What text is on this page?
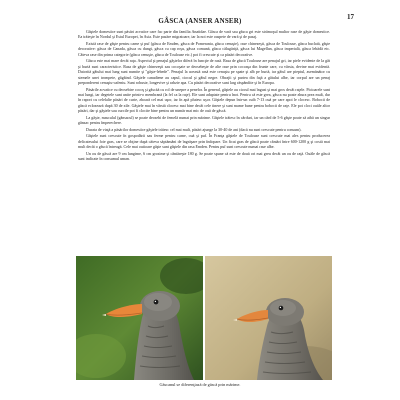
17
GÂSCA (ANSER ANSER)

Gâştele domestice sunt păsări acvatice care fac parte din familia Anatidae. Gâsca de vară sau gâsca gri este strămoşul multor rase de gâşte domestice. Ea trăieşte în Nordul şi Estul Europei, în Asia. Este pasăre migratoare, iar la noi este oaspete de vară şi de pasaj.

Există rase de gâşte pentru carne şi puf (gâsca de Emden, gâsca de Pomerania, gâsca cenuşie), rase chinezeşti, gâsca de Toulouse, gâsca buclată, gâşte decorative: gâsca de Canada, gâsca cu dungi, gâsca cu cap roşu, gâsca comună, gâsca călugăriţă, gâsca lui Magellan, gâsca imperială, gâsca lebădă etc. Câteva rase din prima categorie (gâsca cenuşie, gâsca de Toulouse etc.) pot fi crescute şi ca păsări decorative.

Gâsca este mai mare decât raţa. Aspectul şi penajul gâştelor diferă în funcţie de rasă. Rasa de gâscă Toulouse are penajul gri, iar piele evidente de la gât şi burtă sunt caracteristice. Rasa de gâşte chinezeşti sau cocoşate se deosebeşte de alte rase prin cocoaşa din frunte care, cu vârsta, devine mai evidentă. Datorită gâtului mai lung sunt numite şi "gâşte-lebede". Penajul la această rasă este cenuşiu pe spate şi alb pe burtă, iar gâtul are pieptul, asemănător cu stemele unei trompete, gâgâind. Gâştele canadiene au capul, ciocul şi gâtul negre. Obrajii şi partea din faţă a gâtului albe, iar corpul are un penaj preponderent cenuşiu-cafeniu. Sunt robuste, longevive şi rabzie apa. Cu păsări decorative sunt larg răspândite şi în Europa.

Păsările acvatice cu deosebire cocoş şi gâscăă cu rol de unepre a penelor. În general, gâştele au ciocul mai îngust şi mai gros decât raţele. Picioarele sunt mai lungi, iar degetele sunt unite printr-o membrană (la fel ca la raţe). Ele sunt adaptate pentru înot. Pentru că este grea, gâsca nu poate zbura prea mult, dar în raport cu celelalte păsări de curte, zboară cel mai uşor, iar în apă plutesc uşor. Gâştele depun într-un cuib 7-13 ouă pe care apoi le clocesc. Bobocii de gâscă eclozează după 30 de zile. Gâştele mai în vârstă clocesc mai bine decât cele tinere şi sunt mame bune pentru bobocii de raţe. Ele pot cloci ouăle altor păsări, dar şi gâştele sau curcile pot fi clocite bine pentru un număr mai mic de ouă de gâscă.

La gâşte, masculul (gânsacul) se poate deosebi de femelă numai prin mărime. Gâştele trăiesc în cârduri, iar un cârd de 5-6 gâşte poate să aibă un singur gânsac pentru împerechere.

Durata de viaţă a păsărilor domestice gâştele trăiesc cel mai mult, păsări ajunge la 30-40 de ani (dacă nu sunt crescute pentru consum).

Gâştele sunt crescute în gospodării sau ferme pentru carne, ouă şi puf. În Franţa gâştele de Toulouse sunt crescute mai ales pentru producerea delicatesului foie gras, care se obţine după căteva săptămâni de îngrăşare prin îndopare. Un ficat gras de gâscă poate cântări între 600-1200 g şi costă mai mult decât o gâscă întreagă. Cele mai outioare gâşte sunt gâştele din rasa Emden. Pentru puf sunt crescute numai rase albe.

Un ou de gâscă are 9 cm lungime, 6 cm grosime şi cântăreşte 180 g. Se poate spune că este de două ori mai greu decât un ou de raţă. Ouăle de gâscă sunt indicate în consumul uman.

Găscanul se diferenţiază de găscă prin mărime.
